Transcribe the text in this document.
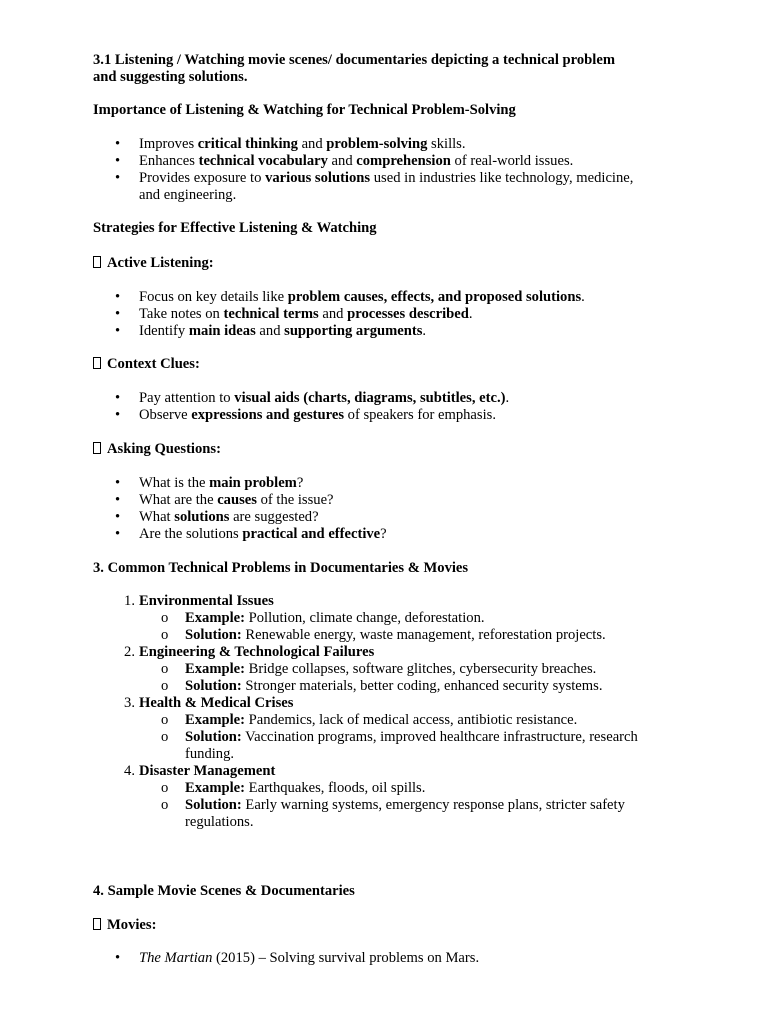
3.1 Listening / Watching movie scenes/ documentaries depicting a technical problem
and suggesting solutions.
Importance of Listening & Watching for Technical Problem-Solving
•	Improves critical thinking and problem-solving skills.
•	Enhances technical vocabulary and comprehension of real-world issues.
•	Provides exposure to various solutions used in industries like technology, medicine,
and engineering.
Strategies for Effective Listening & Watching
Active Listening:
•	Focus on key details like problem causes, effects, and proposed solutions.
•	Take notes on technical terms and processes described.
•	Identify main ideas and supporting arguments.
Context Clues:
•	Pay attention to visual aids (charts, diagrams, subtitles, etc.).
•	Observe expressions and gestures of speakers for emphasis.
Asking Questions:
•	What is the main problem?
•	What are the causes of the issue?
•	What solutions are suggested?
•	Are the solutions practical and effective?
3. Common Technical Problems in Documentaries & Movies
1. Environmental Issues
o Example: Pollution, climate change, deforestation.
o Solution: Renewable energy, waste management, reforestation projects.
2. Engineering & Technological Failures
o Example: Bridge collapses, software glitches, cybersecurity breaches.
o Solution: Stronger materials, better coding, enhanced security systems.
3. Health & Medical Crises
o Example: Pandemics, lack of medical access, antibiotic resistance.
o Solution: Vaccination programs, improved healthcare infrastructure, research
funding.
4. Disaster Management
o Example: Earthquakes, floods, oil spills.
o Solution: Early warning systems, emergency response plans, stricter safety
regulations.
4. Sample Movie Scenes & Documentaries
Movies:
•	The Martian (2015) – Solving survival problems on Mars.
